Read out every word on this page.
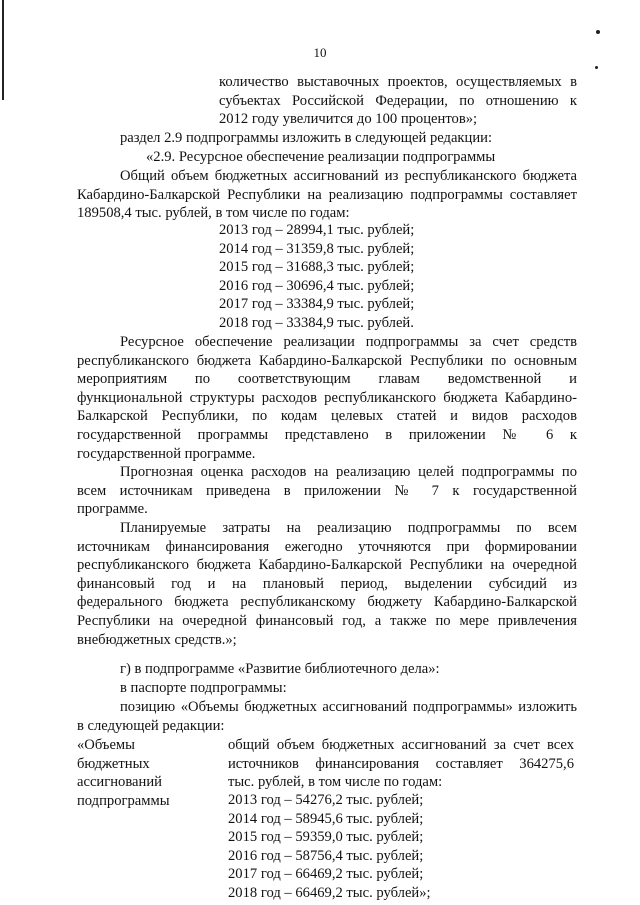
10
количество выставочных проектов, осуществляемых в
субъектах Российской Федерации, по отношению к
2012 году увеличится до 100 процентов»;
раздел 2.9 подпрограммы изложить в следующей редакции:
«2.9. Ресурсное обеспечение реализации подпрограммы
Общий объем бюджетных ассигнований из республиканского бюджета
Кабардино-Балкарской Республики на реализацию подпрограммы составляет
189508,4 тыс. рублей, в том числе по годам:
2013 год – 28994,1 тыс. рублей;
2014 год – 31359,8 тыс. рублей;
2015 год – 31688,3 тыс. рублей;
2016 год – 30696,4 тыс. рублей;
2017 год – 33384,9 тыс. рублей;
2018 год – 33384,9 тыс. рублей.
Ресурсное обеспечение реализации подпрограммы за счет средств
республиканского бюджета Кабардино-Балкарской Республики по основным
мероприятиям по соответствующим главам ведомственной и
функциональной структуры расходов республиканского бюджета Кабардино-
Балкарской Республики, по кодам целевых статей и видов расходов
государственной программы представлено в приложении № 6 к
государственной программе.
Прогнозная оценка расходов на реализацию целей подпрограммы по
всем источникам приведена в приложении № 7 к государственной
программе.
Планируемые затраты на реализацию подпрограммы по всем
источникам финансирования ежегодно уточняются при формировании
республиканского бюджета Кабардино-Балкарской Республики на очередной
финансовый год и на плановый период, выделении субсидий из
федерального бюджета республиканскому бюджету Кабардино-Балкарской
Республики на очередной финансовый год, а также по мере привлечения
внебюджетных средств.»;
г) в подпрограмме «Развитие библиотечного дела»:
в паспорте подпрограммы:
позицию «Объемы бюджетных ассигнований подпрограммы» изложить
в следующей редакции:
«Объемы
бюджетных
ассигнований
подпрограммы
общий объем бюджетных ассигнований за счет всех
источников финансирования составляет 364275,6
тыс. рублей, в том числе по годам:
2013 год – 54276,2 тыс. рублей;
2014 год – 58945,6 тыс. рублей;
2015 год – 59359,0 тыс. рублей;
2016 год – 58756,4 тыс. рублей;
2017 год – 66469,2 тыс. рублей;
2018 год – 66469,2 тыс. рублей»;
